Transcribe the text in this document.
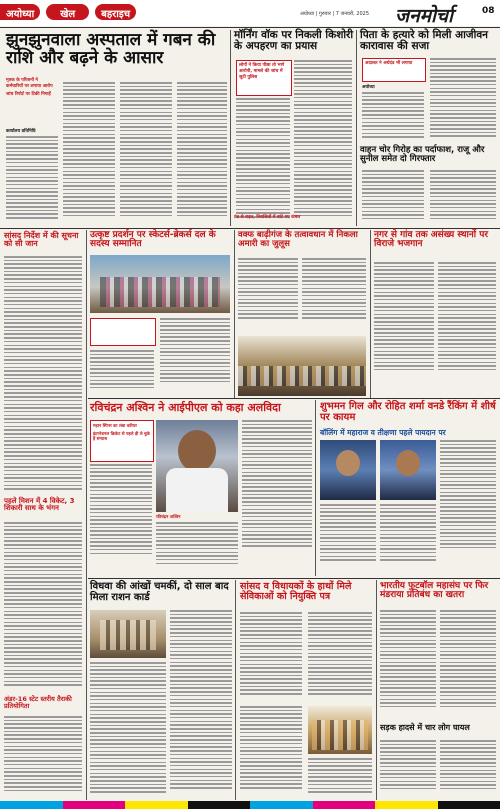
अयोध्या	खेल	बहराइच	अयोध्या | गुरुवार | 7 जनवरी, 2025 जनमोर्चा	08
झुनझुनवाला अस्पताल में गबन की राशि और बढ़ने के आसार
मृतक के परिजनों ने कर्मचारियों पर लगाया आरोप
जांच रिपोर्ट पर टिकी निगाहें
कार्यालय प्रतिनिधि
मॉर्निंग वॉक पर निकली किशोरी के अपहरण का प्रयास
लोगों ने किया पीछा तो भागे आरोपी, मामले की जांच में जुटी पुलिस
पिता के हत्यारे को मिली आजीवन कारावास की सजा
अदालत ने अर्थदंड भी लगाया
अयोध्या
वाहन चोर गिरोह का पर्दाफाश, राजू और सुनील समेत दो गिरफ्तार
ठंड से राहत, निराश्रितों में बांटे गए कंबल
सांसद निर्देश में की सूचना को सी जान
पहले मिशन में 4 विकेट, 3 शिकारी साथ के भंगन
अंडर-16 स्टेट स्तरीय तैराकी प्रतियोगिता
उत्कृष्ट प्रदर्शन पर स्केटर्स-ब्रेकर्स दल के सदस्य सम्मानित
वक्फ बाढ़ीगंज के तत्वावधान में निकला अमारी का जुलूस
नगर से गांव तक असंख्य स्थानों पर विराजे भजगान
रविचंद्रन अश्विन ने आईपीएल को कहा अलविदा
महान स्पिनर का लंबा करियर
इंटरनेशनल क्रिकेट से पहले ही ले चुके हैं संन्यास
रविचंद्रन अश्विन
शुभमन गिल और रोहित शर्मा वनडे रैंकिंग में शीर्ष पर कायम
बॉलिंग में महाराज व तीक्षणा पहले पायदान पर
विधवा की आंखों चमकीं, दो साल बाद मिला राशन कार्ड
सांसद व विधायकों के हाथों मिले सेविकाओं को नियुक्ति पत्र
भारतीय फुटबॉल महासंघ पर फिर मंडराया प्रतिबंध का खतरा
सड़क हादसे में चार लोग घायल
